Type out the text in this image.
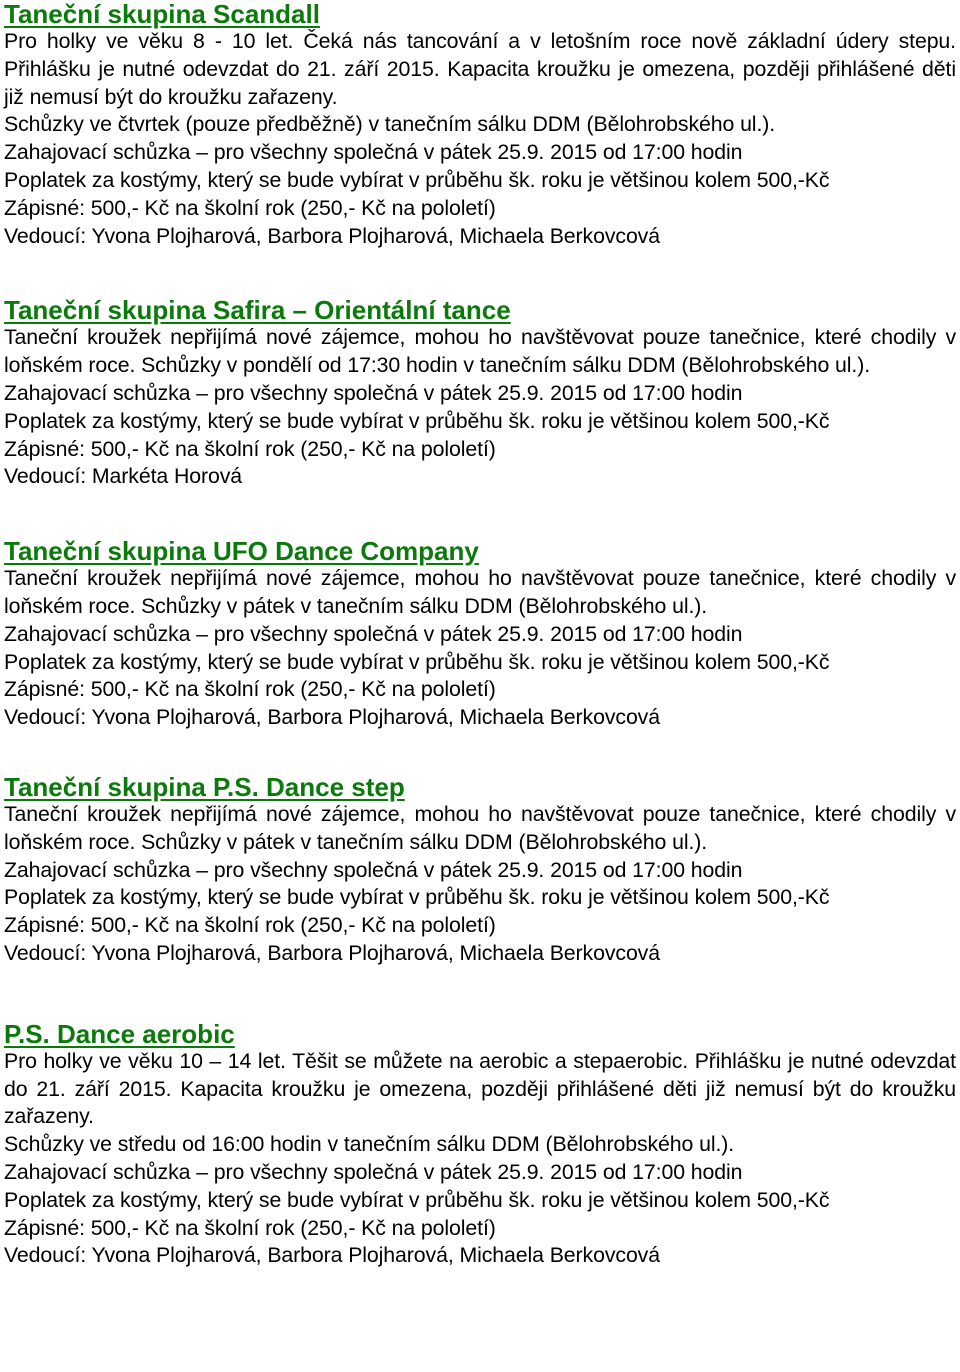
Taneční skupina Scandall

Pro holky ve věku 8 - 10 let. Čeká nás tancování a v letošním roce nově základní údery stepu. Přihlášku je nutné odevzdat do 21. září 2015. Kapacita kroužku je omezena, později přihlášené děti již nemusí být do kroužku zařazeny.

Schůzky ve čtvrtek (pouze předběžně) v tanečním sálku DDM (Bělohrobského ul.).

Zahajovací schůzka – pro všechny společná v pátek 25.9. 2015 od 17:00 hodin

Poplatek za kostýmy, který se bude vybírat v průběhu šk. roku je většinou kolem 500,-Kč

Zápisné: 500,- Kč na školní rok (250,- Kč na pololetí)

Vedoucí: Yvona Plojharová, Barbora Plojharová, Michaela Berkovcová

Taneční skupina Safira – Orientální tance

Taneční kroužek nepřijímá nové zájemce, mohou ho navštěvovat pouze tanečnice, které chodily v loňském roce. Schůzky v pondělí od 17:30 hodin v tanečním sálku DDM (Bělohrobského ul.).

Zahajovací schůzka – pro všechny společná v pátek 25.9. 2015 od 17:00 hodin

Poplatek za kostýmy, který se bude vybírat v průběhu šk. roku je většinou kolem 500,-Kč

Zápisné: 500,- Kč na školní rok (250,- Kč na pololetí)

Vedoucí: Markéta Horová

Taneční skupina UFO Dance Company

Taneční kroužek nepřijímá nové zájemce, mohou ho navštěvovat pouze tanečnice, které chodily v loňském roce. Schůzky v pátek v tanečním sálku DDM (Bělohrobského ul.).

Zahajovací schůzka – pro všechny společná v pátek 25.9. 2015 od 17:00 hodin

Poplatek za kostýmy, který se bude vybírat v průběhu šk. roku je většinou kolem 500,-Kč

Zápisné: 500,- Kč na školní rok (250,- Kč na pololetí)

Vedoucí: Yvona Plojharová, Barbora Plojharová, Michaela Berkovcová

Taneční skupina P.S. Dance step

Taneční kroužek nepřijímá nové zájemce, mohou ho navštěvovat pouze tanečnice, které chodily v loňském roce. Schůzky v pátek v tanečním sálku DDM (Bělohrobského ul.).

Zahajovací schůzka – pro všechny společná v pátek 25.9. 2015 od 17:00 hodin

Poplatek za kostýmy, který se bude vybírat v průběhu šk. roku je většinou kolem 500,-Kč

Zápisné: 500,- Kč na školní rok (250,- Kč na pololetí)

Vedoucí: Yvona Plojharová, Barbora Plojharová, Michaela Berkovcová

P.S. Dance aerobic

Pro holky ve věku 10 – 14 let. Těšit se můžete na aerobic a stepaerobic. Přihlášku je nutné odevzdat do 21. září 2015. Kapacita kroužku je omezena, později přihlášené děti již nemusí být do kroužku zařazeny.

Schůzky ve středu od 16:00 hodin v tanečním sálku DDM (Bělohrobského ul.).

Zahajovací schůzka – pro všechny společná v pátek 25.9. 2015 od 17:00 hodin

Poplatek za kostýmy, který se bude vybírat v průběhu šk. roku je většinou kolem 500,-Kč

Zápisné: 500,- Kč na školní rok (250,- Kč na pololetí)

Vedoucí: Yvona Plojharová, Barbora Plojharová, Michaela Berkovcová
